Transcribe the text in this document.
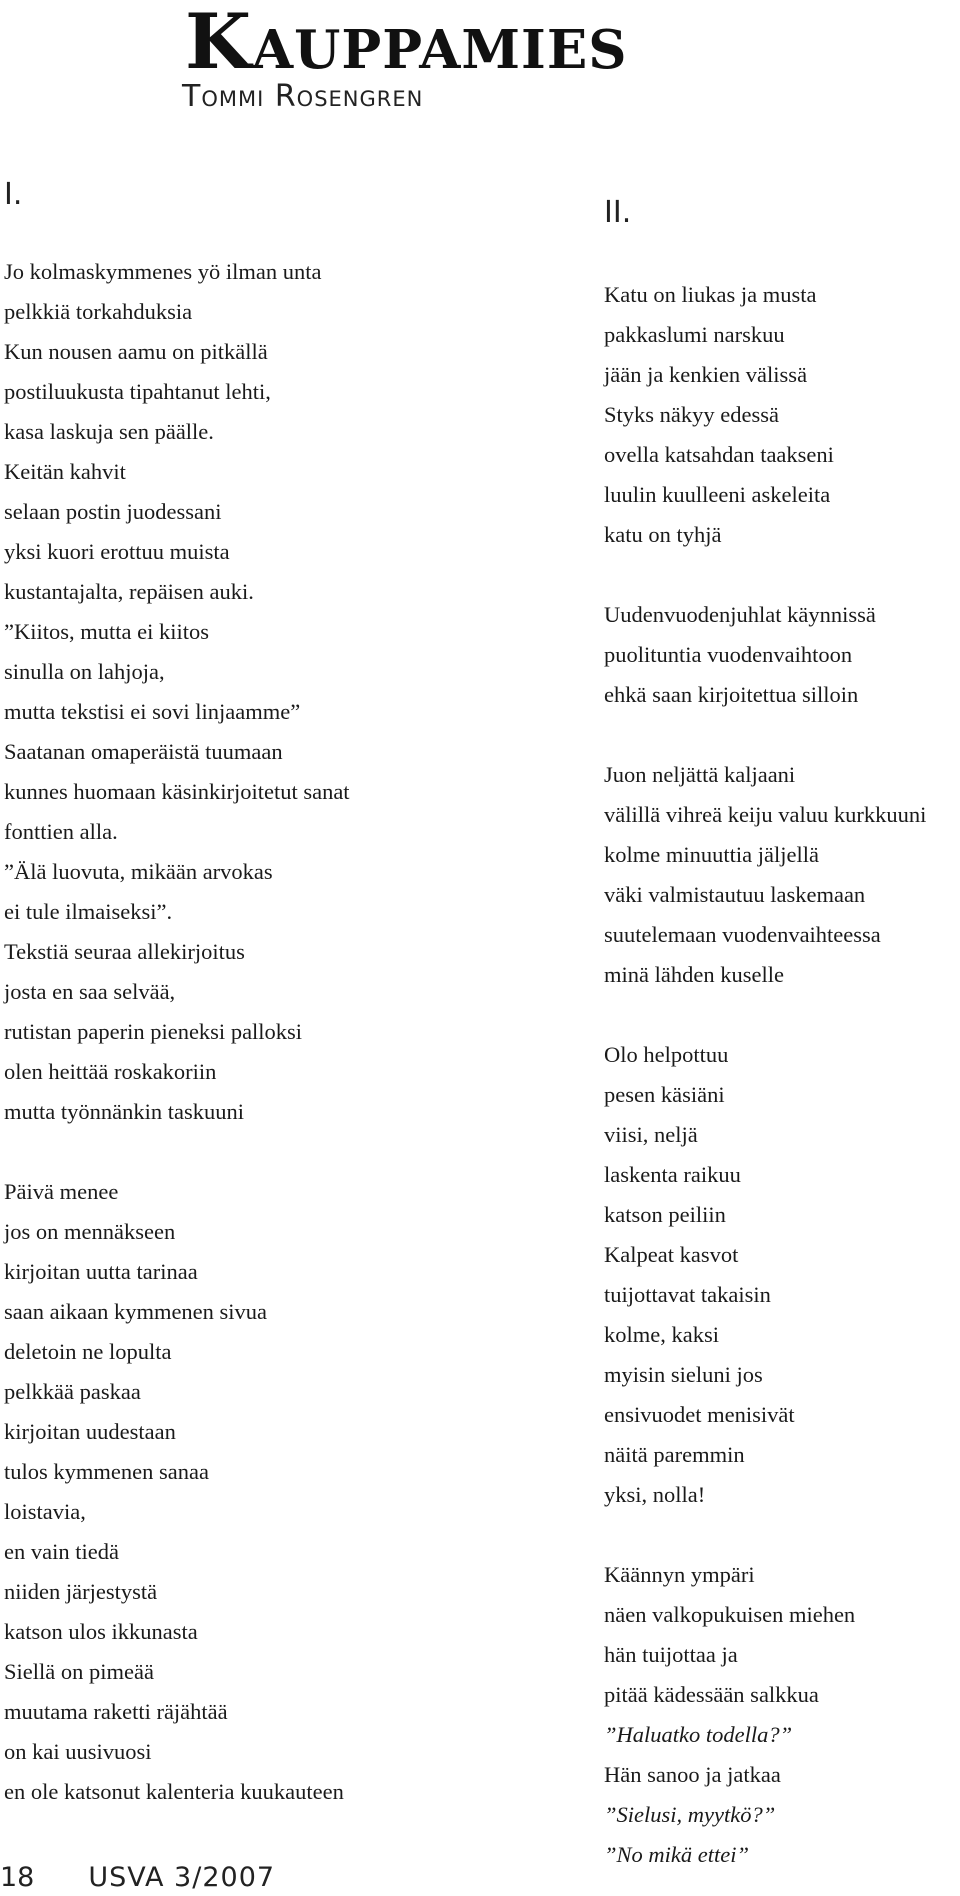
Kauppamies
Tommi Rosengren
I.
Jo kolmaskymmenes yö ilman unta
pelkkiä torkahduksia
Kun nousen aamu on pitkällä
postiluukusta tipahtanut lehti,
kasa laskuja sen päälle.
Keitän kahvit
selaan postin juodessani
yksi kuori erottuu muista
kustantajalta, repäisen auki.
”Kiitos, mutta ei kiitos
sinulla on lahjoja,
mutta tekstisi ei sovi linjaamme”
Saatanan omaperäistä tuumaan
kunnes huomaan käsinkirjoitetut sanat
fonttien alla.
”Älä luovuta, mikään arvokas
ei tule ilmaiseksi”.
Tekstiä seuraa allekirjoitus
josta en saa selvää,
rutistan paperin pieneksi palloksi
olen heittää roskakoriin
mutta työnnänkin taskuuni
Päivä menee
jos on mennäkseen
kirjoitan uutta tarinaa
saan aikaan kymmenen sivua
deletoin ne lopulta
pelkkää paskaa
kirjoitan uudestaan
tulos kymmenen sanaa
loistavia,
en vain tiedä
niiden järjestystä
katson ulos ikkunasta
Siellä on pimeää
muutama raketti räjähtää
on kai uusivuosi
en ole katsonut kalenteria kuukauteen
II.
Katu on liukas ja musta
pakkaslumi narskuu
jään ja kenkien välissä
Styks näkyy edessä
ovella katsahdan taakseni
luulin kuulleeni askeleita
katu on tyhjä
Uudenvuodenjuhlat käynnissä
puolituntia vuodenvaihtoon
ehkä saan kirjoitettua silloin
Juon neljättä kaljaani
välillä vihreä keiju valuu kurkkuuni
kolme minuuttia jäljellä
väki valmistautuu laskemaan
suutelemaan vuodenvaihteessa
minä lähden kuselle
Olo helpottuu
pesen käsiäni
viisi, neljä
laskenta raikuu
katson peiliin
Kalpeat kasvot
tuijottavat takaisin
kolme, kaksi
myisin sieluni jos
ensivuodet menisivät
näitä paremmin
yksi, nolla!
Käännyn ympäri
näen valkopukuisen miehen
hän tuijottaa ja
pitää kädessään salkkua
”Haluatko todella?”
Hän sanoo ja jatkaa
”Sielusi, myytkö?”
”No mikä ettei”
18 USVA 3/2007
